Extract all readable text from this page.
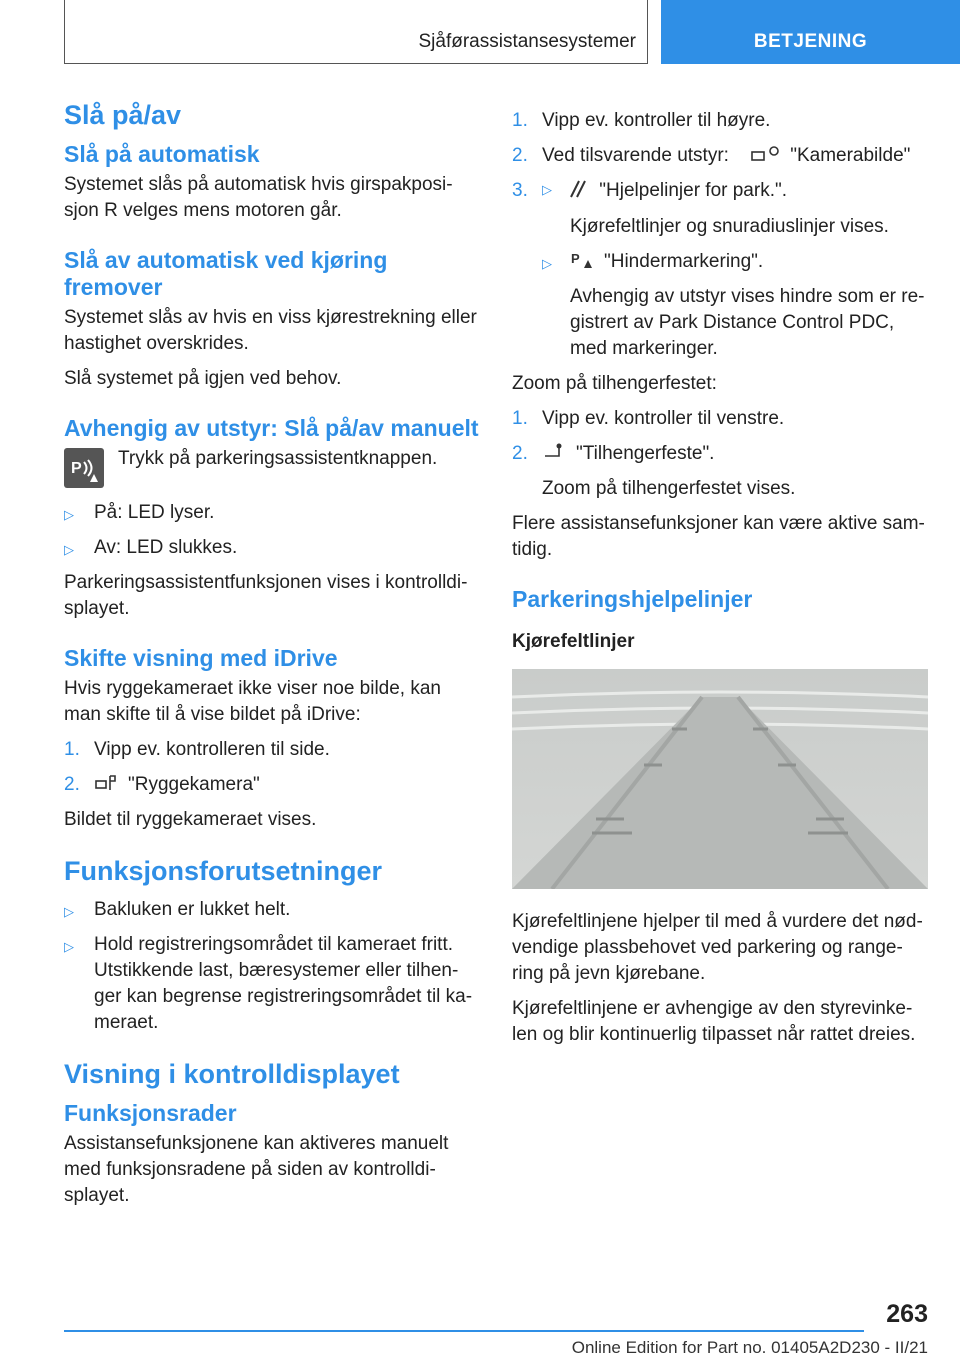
Sjåførassistansesystemer	BETJENING
Slå på/av
Slå på automatisk

Systemet slås på automatisk hvis girspakposi-sjon R velges mens motoren går.

Slå av automatisk ved kjøring fremover

Systemet slås av hvis en viss kjørestrekning eller hastighet overskrides.

Slå systemet på igjen ved behov.

Avhengig av utstyr: Slå på/av manuelt
P Trykk på parkeringsassistentknappen.
▷ På: LED lyser.
▷ Av: LED slukkes.

Parkeringsassistentfunksjonen vises i kontrolldi-splayet.

Skifte visning med iDrive

Hvis ryggekameraet ikke viser noe bilde, kan man skifte til å vise bildet på iDrive:

1. Vipp ev. kontrolleren til side.
2.	"Ryggekamera"

Bildet til ryggekameraet vises.

Funksjonsforutsetninger
▷ Bakluken er lukket helt.
▷ Hold registreringsområdet til kameraet fritt. Utstikkende last, bæresystemer eller tilhen-ger kan begrense registreringsområdet til ka-meraet.
Visning i kontrolldisplayet
Funksjonsrader

Assistansefunksjonene kan aktiveres manuelt med funksjonsradene på siden av kontrolldi-splayet.

1. Vipp ev. kontroller til høyre.
2. Ved tilsvarende utstyr:	"Kamerabilde"
3. ▷ "Hjelpelinjer for park.".
Kjørefeltlinjer og snuradiuslinjer vises.
▷ P "Hindermarkering".
Avhengig av utstyr vises hindre som er re-gistrert av Park Distance Control PDC, med markeringer.

Zoom på tilhengerfestet:

1. Vipp ev. kontroller til venstre.
2.	"Tilhengerfeste".
Zoom på tilhengerfestet vises.

Flere assistansefunksjoner kan være aktive sam-tidig.

Parkeringshjelpelinjer
Kjørefeltlinjer

Kjørefeltlinjene hjelper til med å vurdere det nød-vendige plassbehovet ved parkering og range-ring på jevn kjørebane.

Kjørefeltlinjene er avhengige av den styrevinke-len og blir kontinuerlig tilpasset når rattet dreies.

263
Online Edition for Part no. 01405A2D230 - II/21
